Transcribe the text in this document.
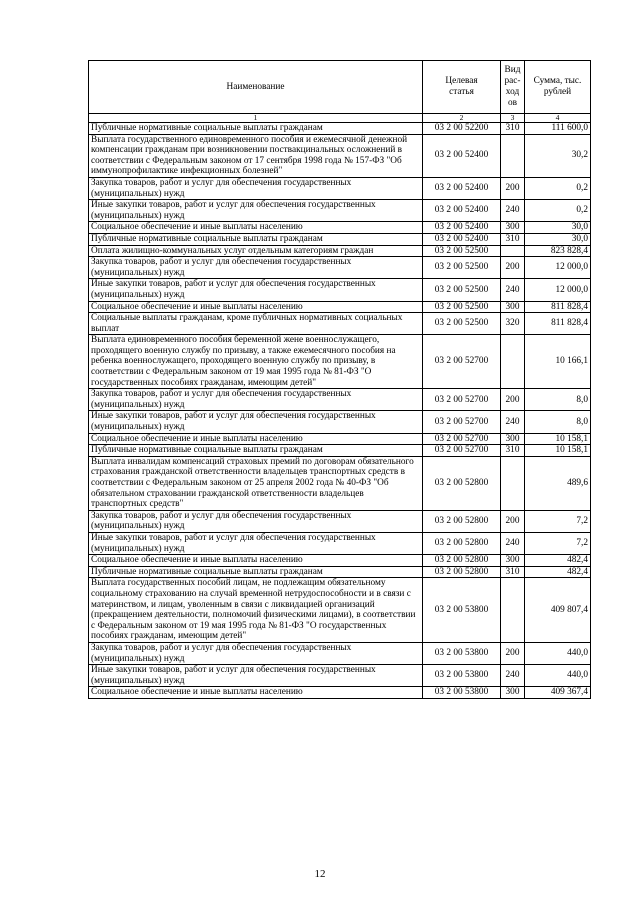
Наименование	Целевая статья	Вид рас-ходов	Сумма, тыс. рублей
1	2	3	4
Публичные нормативные социальные выплаты гражданам	03 2 00 52200	310	111 600,0
Выплата государственного единовременного пособия и ежемесячной денежной компенсации гражданам при возникновении поствакцинальных осложнений в соответствии с Федеральным законом от 17 сентября 1998 года № 157-ФЗ "Об иммунопрофилактике инфекционных болезней"	03 2 00 52400		30,2
Закупка товаров, работ и услуг для обеспечения государственных (муниципальных) нужд	03 2 00 52400	200	0,2
Иные закупки товаров, работ и услуг для обеспечения государственных (муниципальных) нужд	03 2 00 52400	240	0,2
Социальное обеспечение и иные выплаты населению	03 2 00 52400	300	30,0
Публичные нормативные социальные выплаты гражданам	03 2 00 52400	310	30,0
Оплата жилищно-коммунальных услуг отдельным категориям граждан	03 2 00 52500		823 828,4
Закупка товаров, работ и услуг для обеспечения государственных (муниципальных) нужд	03 2 00 52500	200	12 000,0
Иные закупки товаров, работ и услуг для обеспечения государственных (муниципальных) нужд	03 2 00 52500	240	12 000,0
Социальное обеспечение и иные выплаты населению	03 2 00 52500	300	811 828,4
Социальные выплаты гражданам, кроме публичных нормативных социальных выплат	03 2 00 52500	320	811 828,4
Выплата единовременного пособия беременной жене военнослужащего, проходящего военную службу по призыву, а также ежемесячного пособия на ребенка военнослужащего, проходящего военную службу по призыву, в соответствии с Федеральным законом от 19 мая 1995 года № 81-ФЗ "О государственных пособиях гражданам, имеющим детей"	03 2 00 52700		10 166,1
Закупка товаров, работ и услуг для обеспечения государственных (муниципальных) нужд	03 2 00 52700	200	8,0
Иные закупки товаров, работ и услуг для обеспечения государственных (муниципальных) нужд	03 2 00 52700	240	8,0
Социальное обеспечение и иные выплаты населению	03 2 00 52700	300	10 158,1
Публичные нормативные социальные выплаты гражданам	03 2 00 52700	310	10 158,1
Выплата инвалидам компенсаций страховых премий по договорам обязательного страхования гражданской ответственности владельцев транспортных средств в соответствии с Федеральным законом от 25 апреля 2002 года № 40-ФЗ "Об обязательном страховании гражданской ответственности владельцев транспортных средств"	03 2 00 52800		489,6
Закупка товаров, работ и услуг для обеспечения государственных (муниципальных) нужд	03 2 00 52800	200	7,2
Иные закупки товаров, работ и услуг для обеспечения государственных (муниципальных) нужд	03 2 00 52800	240	7,2
Социальное обеспечение и иные выплаты населению	03 2 00 52800	300	482,4
Публичные нормативные социальные выплаты гражданам	03 2 00 52800	310	482,4
Выплата государственных пособий лицам, не подлежащим обязательному социальному страхованию на случай временной нетрудоспособности и в связи с материнством, и лицам, уволенным в связи с ликвидацией организаций (прекращением деятельности, полномочий физическими лицами), в соответствии с Федеральным законом от 19 мая 1995 года № 81-ФЗ "О государственных пособиях гражданам, имеющим детей"	03 2 00 53800		409 807,4
Закупка товаров, работ и услуг для обеспечения государственных (муниципальных) нужд	03 2 00 53800	200	440,0
Иные закупки товаров, работ и услуг для обеспечения государственных (муниципальных) нужд	03 2 00 53800	240	440,0
Социальное обеспечение и иные выплаты населению	03 2 00 53800	300	409 367,4
12
